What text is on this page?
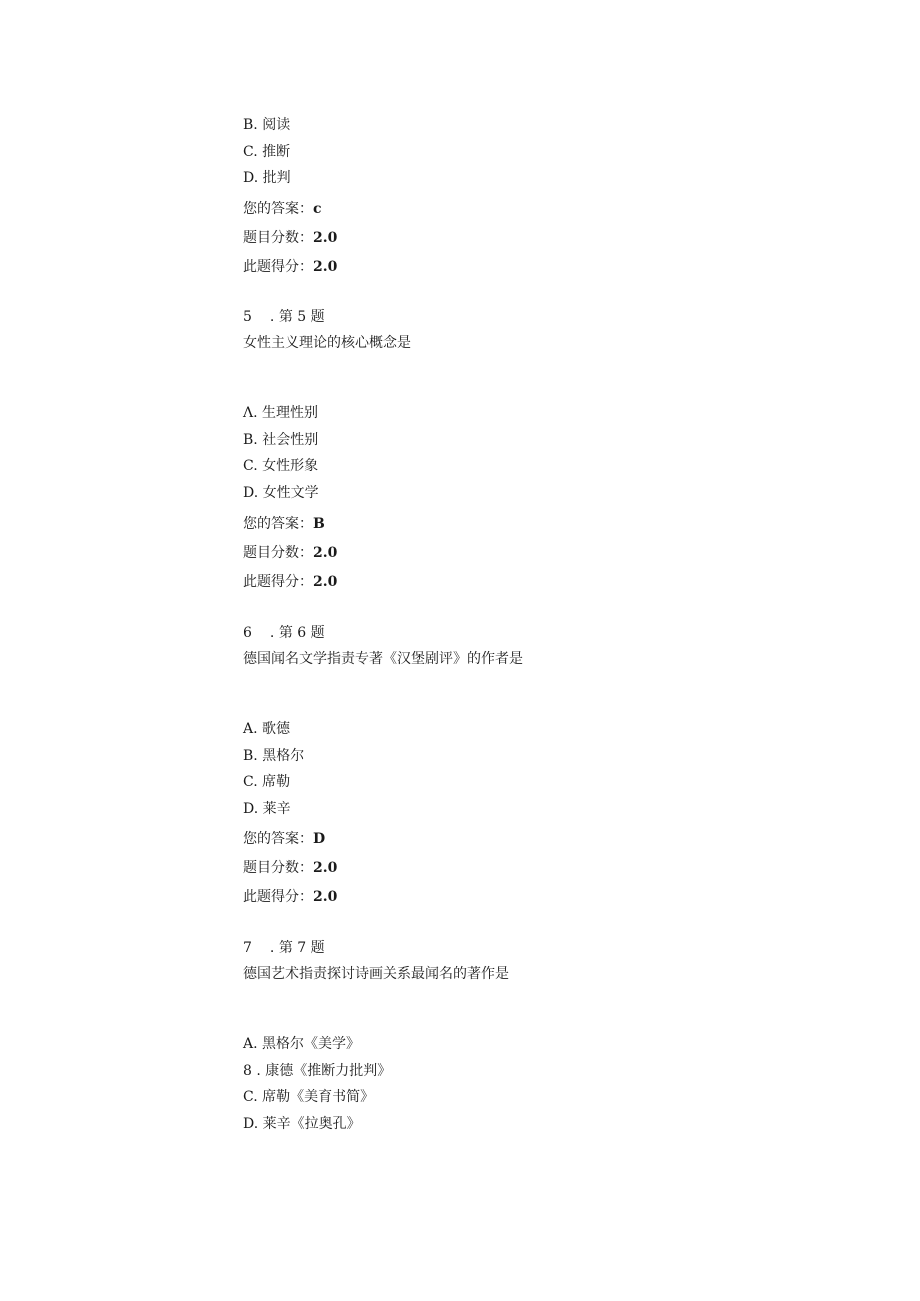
B. 阅读
C. 推断
D. 批判
您的答案：c
题目分数：2.0
此题得分：2.0
5 . 第 5 题
女性主义理论的核心概念是
Λ. 生理性别
B. 社会性别
C. 女性形象
D. 女性文学
您的答案：B
题目分数：2.0
此题得分：2.0
6 . 第 6 题
德国闻名文学指责专著《汉堡剧评》的作者是
A. 歌德
B. 黑格尔
C. 席勒
D. 莱辛
您的答案：D
题目分数：2.0
此题得分：2.0
7 . 第 7 题
德国艺术指责探讨诗画关系最闻名的著作是
A. 黑格尔《美学》
8 . 康德《推断力批判》
C. 席勒《美育书简》
D. 莱辛《拉奥孔》
